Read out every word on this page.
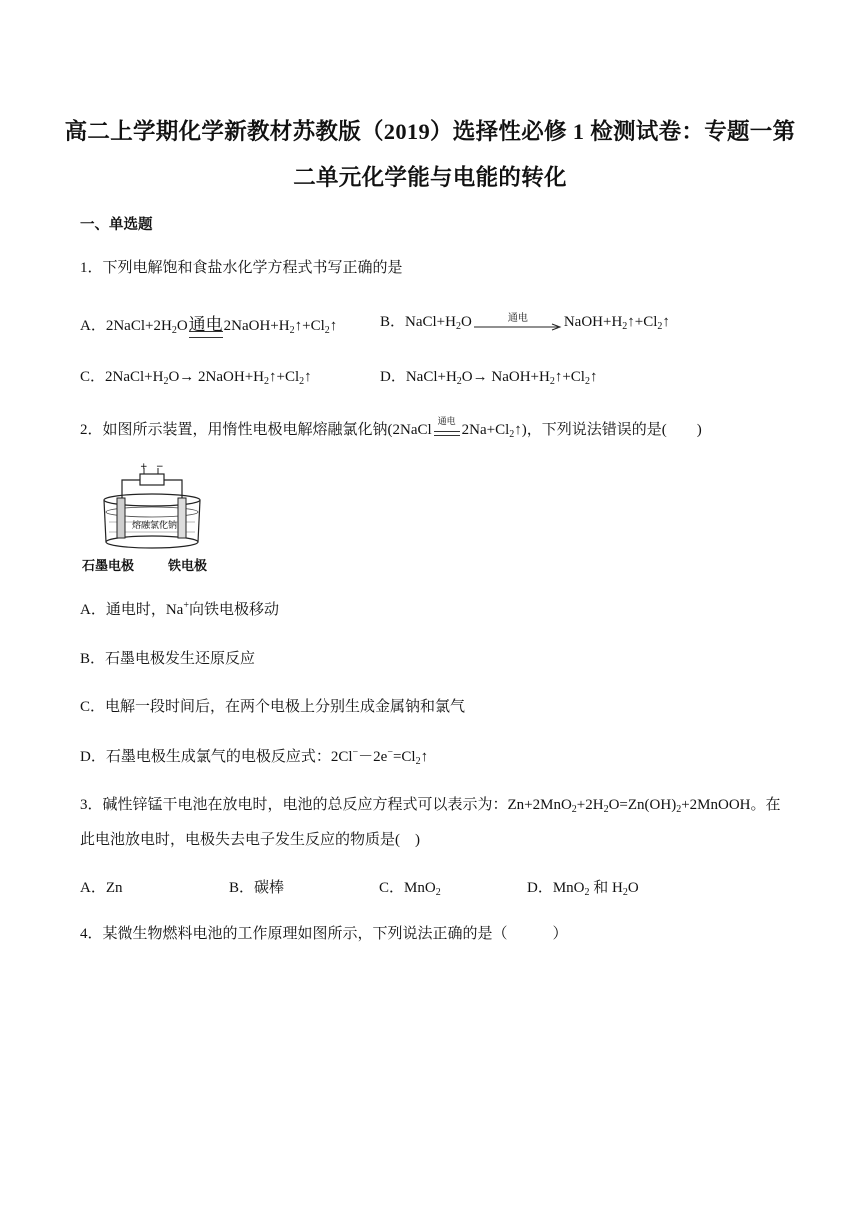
高二上学期化学新教材苏教版（2019）选择性必修 1 检测试卷：专题一第
二单元化学能与电能的转化
一、单选题
1．下列电解饱和食盐水化学方程式书写正确的是
A．$2NaCl+2H_2O$通电
$2NaOH+H_2↑+Cl_2↑$	B．$NaCl+H_2O$	通电	$NaOH+H_2↑+Cl_2↑$
C．$2NaCl+H_2O\to$ $2NaOH+H_2↑+Cl_2↑$	D．$NaCl+H_2O\to$ $NaOH+H_2↑+Cl_2↑$
2．如图所示装置，用惰性电极电解熔融氯化钠(2NaCl
通电
$2Na+Cl_2↑$)，下列说法错误的是(　　)
+ −
熔融氯化钠
石墨电极	铁电极
A．通电时，Na+向铁电极移动
B．石墨电极发生还原反应
C．电解一段时间后，在两个电极上分别生成金属钠和氯气
D．石墨电极生成氯气的电极反应式：$2Cl^--2e^-=Cl_2↑$
3．碱性锌锰干电池在放电时，电池的总反应方程式可以表示为：$Zn+2MnO_2+2H_2O=Zn(OH)_2+2MnOOH$。在
此电池放电时，电极失去电子发生反应的物质是(　)
A．Zn	B．碳棒	C．MnO$_2$	D．MnO$_2$ 和 $H_2O$
4．某微生物燃料电池的工作原理如图所示，下列说法正确的是（　　　）
